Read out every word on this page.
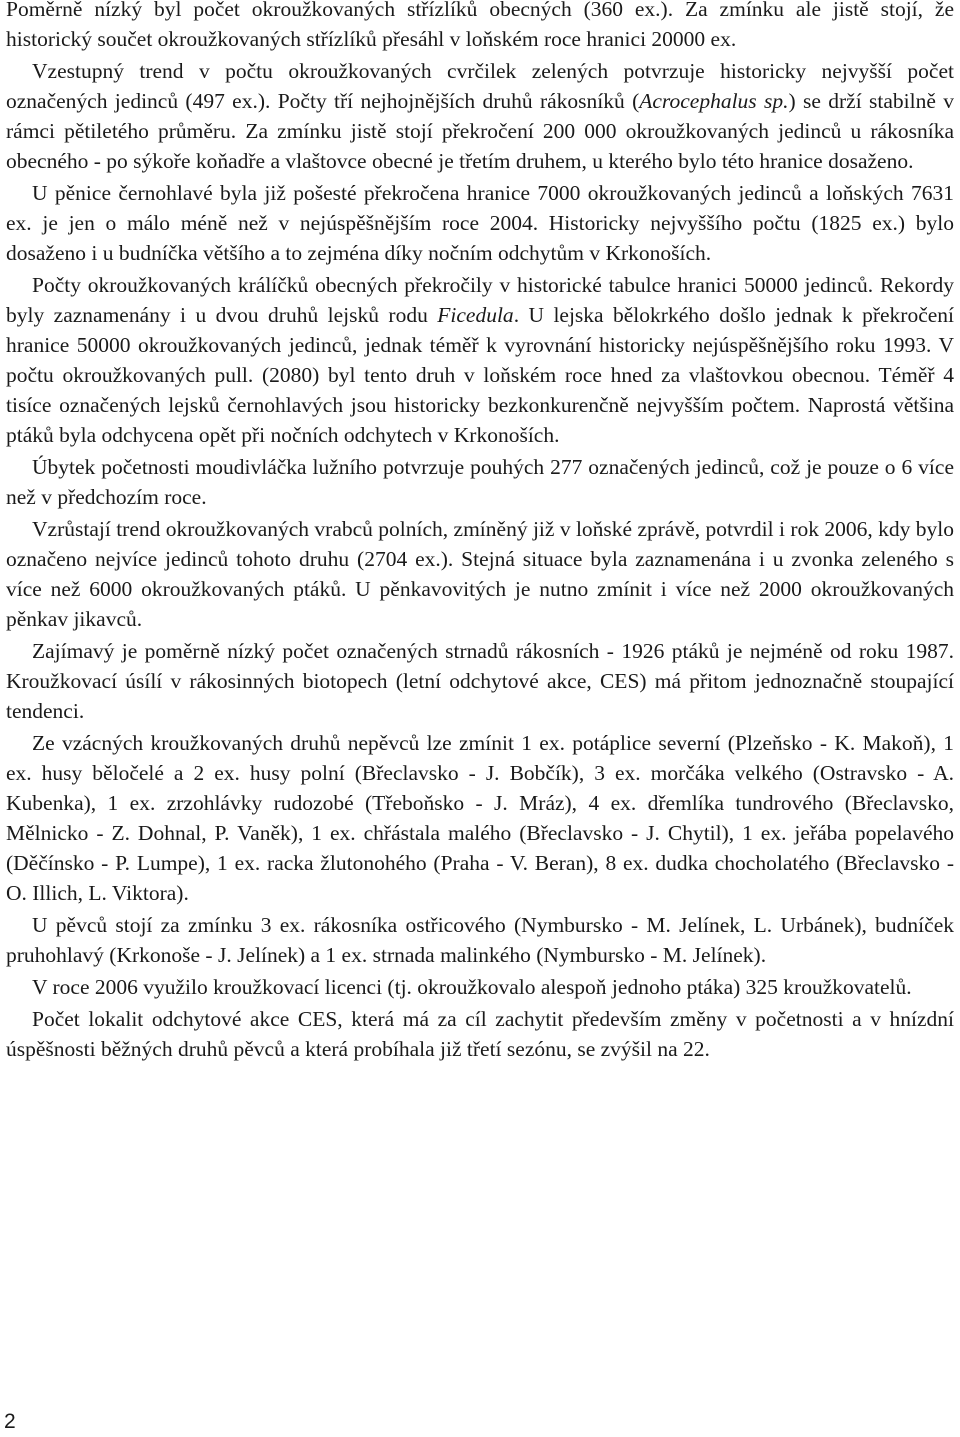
Poměrně nízký byl počet okroužkovaných střízlíků obecných (360 ex.). Za zmínku ale jistě stojí, že historický součet okroužkovaných střízlíků přesáhl v loňském roce hranici 20000 ex.

Vzestupný trend v počtu okroužkovaných cvrčilek zelených potvrzuje historicky nejvyšší počet označených jedinců (497 ex.). Počty tří nejhojnějších druhů rákosníků (Acrocephalus sp.) se drží stabilně v rámci pětiletého průměru. Za zmínku jistě stojí překročení 200 000 okroužkovaných jedinců u rákosníka obecného - po sýkoře koňadře a vlaštovce obecné je třetím druhem, u kterého bylo této hranice dosaženo.

U pěnice černohlavé byla již pošesté překročena hranice 7000 okroužkovaných jedinců a loňských 7631 ex. je jen o málo méně než v nejúspěšnějším roce 2004. Historicky nejvyššího počtu (1825 ex.) bylo dosaženo i u budníčka většího a to zejména díky nočním odchytům v Krkonoších.

Počty okroužkovaných králíčků obecných překročily v historické tabulce hranici 50000 jedinců. Rekordy byly zaznamenány i u dvou druhů lejsků rodu Ficedula. U lejska bělokrkého došlo jednak k překročení hranice 50000 okroužkovaných jedinců, jednak téměř k vyrovnání historicky nejúspěšnějšího roku 1993. V počtu okroužkovaných pull. (2080) byl tento druh v loňském roce hned za vlaštovkou obecnou. Téměř 4 tisíce označených lejsků černohlavých jsou historicky bezkonkurenčně nejvyšším počtem. Naprostá většina ptáků byla odchycena opět při nočních odchytech v Krkonoších.

Úbytek početnosti moudivláčka lužního potvrzuje pouhých 277 označených jedinců, což je pouze o 6 více než v předchozím roce.

Vzrůstají trend okroužkovaných vrabců polních, zmíněný již v loňské zprávě, potvrdil i rok 2006, kdy bylo označeno nejvíce jedinců tohoto druhu (2704 ex.). Stejná situace byla zaznamenána i u zvonka zeleného s více než 6000 okroužkovaných ptáků. U pěnkavovitých je nutno zmínit i více než 2000 okroužkovaných pěnkav jikavců.

Zajímavý je poměrně nízký počet označených strnadů rákosních - 1926 ptáků je nejméně od roku 1987. Kroužkovací úsílí v rákosinných biotopech (letní odchytové akce, CES) má přitom jednoznačně stoupající tendenci.

Ze vzácných kroužkovaných druhů nepěvců lze zmínit 1 ex. potáplice severní (Plzeňsko - K. Makoň), 1 ex. husy běločelé a 2 ex. husy polní (Břeclavsko - J. Bobčík), 3 ex. morčáka velkého (Ostravsko - A. Kubenka), 1 ex. zrzohlávky rudozobé (Třeboňsko - J. Mráz), 4 ex. dřemlíka tundrového (Břeclavsko, Mělnicko - Z. Dohnal, P. Vaněk), 1 ex. chřástala malého (Břeclavsko - J. Chytil), 1 ex. jeřába popelavého (Děčínsko - P. Lumpe), 1 ex. racka žlutonohého (Praha - V. Beran), 8 ex. dudka chocholatého (Břeclavsko - O. Illich, L. Viktora).

U pěvců stojí za zmínku 3 ex. rákosníka ostřicového (Nymbursko - M. Jelínek, L. Urbánek), budníček pruhohlavý (Krkonoše - J. Jelínek) a 1 ex. strnada malinkého (Nymbursko - M. Jelínek).

V roce 2006 využilo kroužkovací licenci (tj. okroužkovalo alespoň jednoho ptáka) 325 kroužkovatelů.

Počet lokalit odchytové akce CES, která má za cíl zachytit především změny v početnosti a v hnízdní úspěšnosti běžných druhů pěvců a která probíhala již třetí sezónu, se zvýšil na 22.

2
